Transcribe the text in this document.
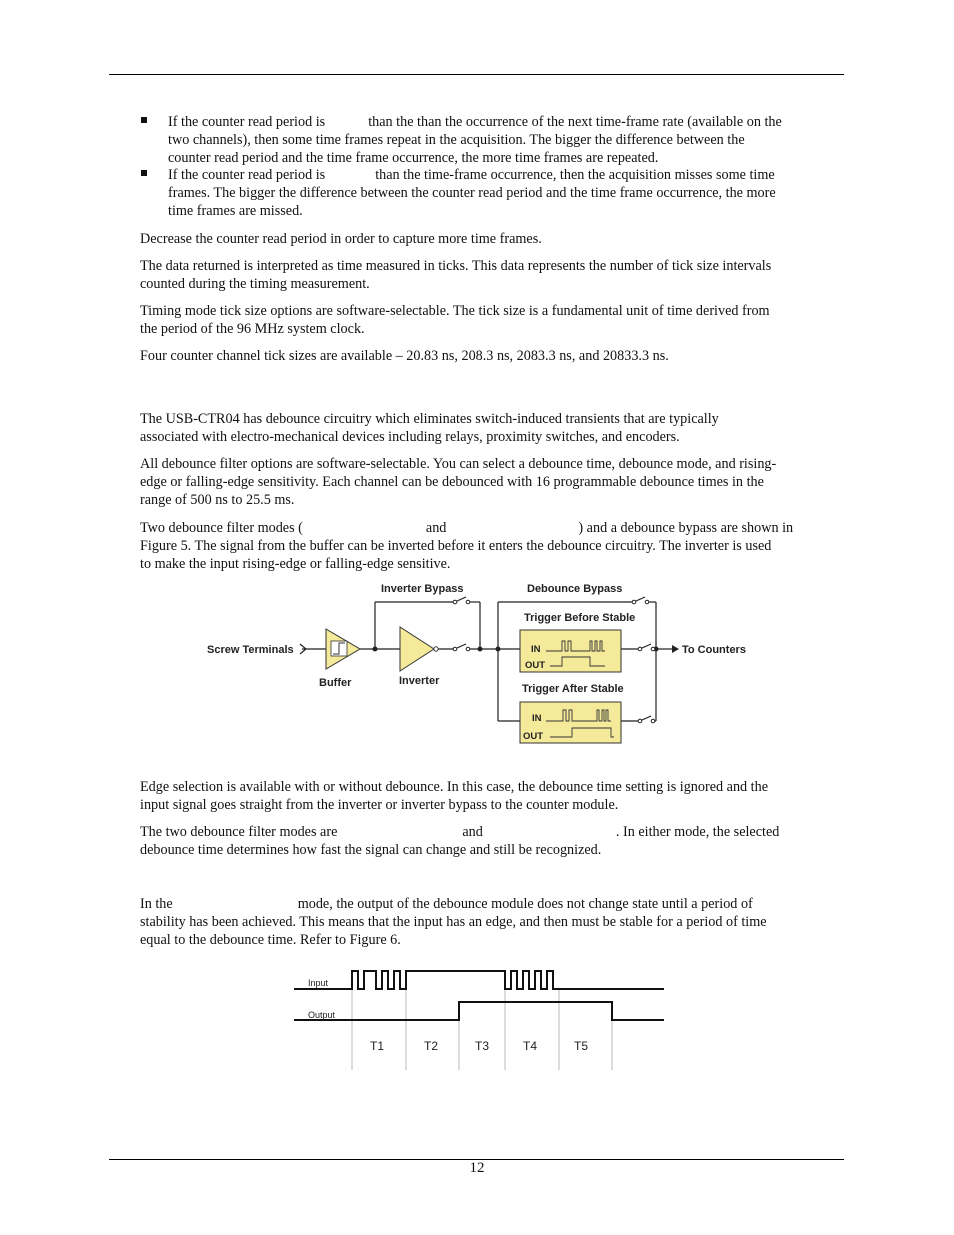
If the counter read period is	than the than the occurrence of the next time-frame rate (available on the
two channels), then some time frames repeat in the acquisition. The bigger the difference between the
counter read period and the time frame occurrence, the more time frames are repeated.
If the counter read period is	than the time-frame occurrence, then the acquisition misses some time
frames. The bigger the difference between the counter read period and the time frame occurrence, the more
time frames are missed.
Decrease the counter read period in order to capture more time frames.
The data returned is interpreted as time measured in ticks. This data represents the number of tick size intervals
counted during the timing measurement.
Timing mode tick size options are software-selectable. The tick size is a fundamental unit of time derived from
the period of the 96 MHz system clock.
Four counter channel tick sizes are available – 20.83 ns, 208.3 ns, 2083.3 ns, and 20833.3 ns.
The USB-CTR04 has debounce circuitry which eliminates switch-induced transients that are typically
associated with electro-mechanical devices including relays, proximity switches, and encoders.
All debounce filter options are software-selectable. You can select a debounce time, debounce mode, and rising-
edge or falling-edge sensitivity. Each channel can be debounced with 16 programmable debounce times in the
range of 500 ns to 25.5 ms.
Two debounce filter modes (	and	) and a debounce bypass are shown in
Figure 5. The signal from the buffer can be inverted before it enters the debounce circuitry. The inverter is used
to make the input rising-edge or falling-edge sensitive.
Inverter Bypass	Debounce Bypass
Trigger Before Stable
Trigger After Stable
Screw Terminals
Buffer	Inverter
To Counters
IN
OUT
IN
OUT
Edge selection is available with or without debounce. In this case, the debounce time setting is ignored and the
input signal goes straight from the inverter or inverter bypass to the counter module.
The two debounce filter modes are	and	. In either mode, the selected
debounce time determines how fast the signal can change and still be recognized.
In the	mode, the output of the debounce module does not change state until a period of
stability has been achieved. This means that the input has an edge, and then must be stable for a period of time
equal to the debounce time. Refer to Figure 6.
Input
Output
T1	T2	T3	T4	T5
12
